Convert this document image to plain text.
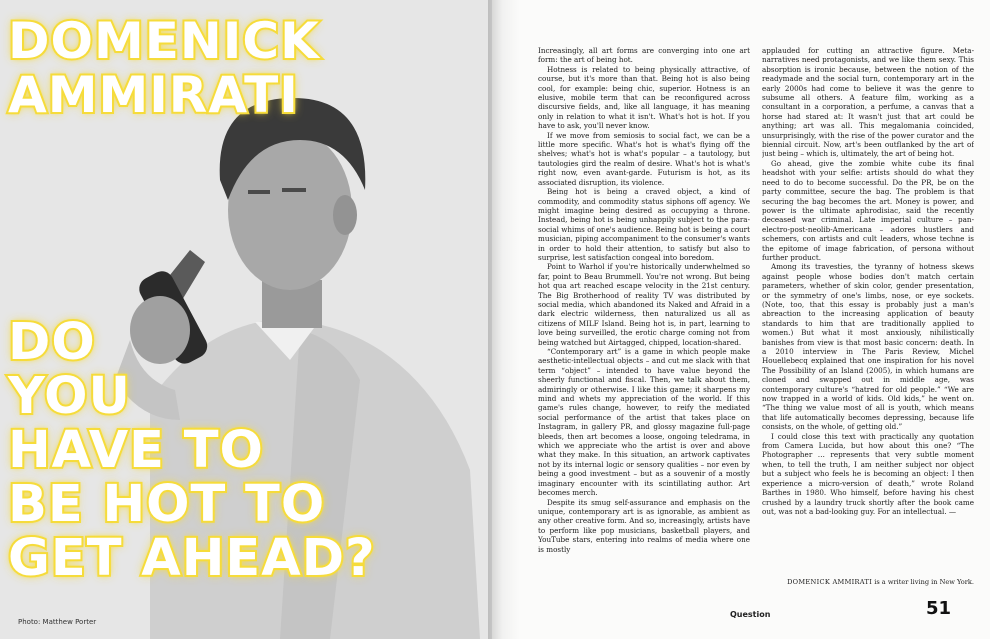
DOMENICK
AMMIRATI
DO
YOU
HAVE TO
BE HOT TO
GET AHEAD?
Photo: Matthew Porter

Increasingly, all art forms are converging into one art form: the art of being hot.

Hotness is related to being physically attractive, of course, but it's more than that. Being hot is also being cool, for example: being chic, superior. Hotness is an elusive, mobile term that can be reconfigured across discursive fields, and, like all language, it has meaning only in relation to what it isn't. What's hot is hot. If you have to ask, you'll never know.

If we move from semiosis to social fact, we can be a little more specific. What's hot is what's flying off the shelves; what's hot is what's popular – a tautology, but tautologies gird the realm of desire. What's hot is what's right now, even avant-garde. Futurism is hot, as its associated disruption, its violence.

Being hot is being a craved object, a kind of commodity, and commodity status siphons off agency. We might imagine being desired as occupying a throne. Instead, being hot is being unhappily subject to the para-social whims of one's audience. Being hot is being a court musician, piping accompaniment to the consumer's wants in order to hold their attention, to satisfy but also to surprise, lest satisfaction congeal into boredom.

Point to Warhol if you're historically underwhelmed so far, point to Beau Brummell. You're not wrong. But being hot qua art reached escape velocity in the 21st century. The Big Brotherhood of reality TV was distributed by social media, which abandoned its Naked and Afraid in a dark electric wilderness, then naturalized us all as citizens of MILF Island. Being hot is, in part, learning to love being surveilled, the erotic charge coming not from being watched but Airtagged, chipped, location-shared.

“Contemporary art” is a game in which people make aesthetic-intellectual objects – and cut me slack with that term “object” – intended to have value beyond the sheerly functional and fiscal. Then, we talk about them, admiringly or otherwise. I like this game; it sharpens my mind and whets my appreciation of the world. If this game's rules change, however, to reify the mediated social performance of the artist that takes place on Instagram, in gallery PR, and glossy magazine full-page bleeds, then art becomes a loose, ongoing teledrama, in which we appreciate who the artist is over and above what they make. In this situation, an artwork captivates not by its internal logic or sensory qualities – nor even by being a good investment – but as a souvenir of a mostly imaginary encounter with its scintillating author. Art becomes merch.

Despite its smug self-assurance and emphasis on the unique, contemporary art is as ignorable, as ambient as any other creative form. And so, increasingly, artists have to perform like pop musicians, basketball players, and YouTube stars, entering into realms of media where one is mostly

applauded for cutting an attractive figure. Meta-narratives need protagonists, and we like them sexy. This absorption is ironic because, between the notion of the readymade and the social turn, contemporary art in the early 2000s had come to believe it was the genre to subsume all others. A feature film, working as a consultant in a corporation, a perfume, a canvas that a horse had stared at: It wasn't just that art could be anything; art was all. This megalomania coincided, unsurprisingly, with the rise of the power curator and the biennial circuit. Now, art's been outflanked by the art of just being – which is, ultimately, the art of being hot.

Go ahead, give the zombie white cube its final headshot with your selfie: artists should do what they need to do to become successful. Do the PR, be on the party committee, secure the bag. The problem is that securing the bag becomes the art. Money is power, and power is the ultimate aphrodisiac, said the recently deceased war criminal. Late imperial culture – pan-electro-post-neolib-Americana – adores hustlers and schemers, con artists and cult leaders, whose techne is the epitome of image fabrication, of persona without further product.

Among its travesties, the tyranny of hotness skews against people whose bodies don't match certain parameters, whether of skin color, gender presentation, or the symmetry of one's limbs, nose, or eye sockets. (Note, too, that this essay is probably just a man's abreaction to the increasing application of beauty standards to him that are traditionally applied to women.) But what it most anxiously, nihilistically banishes from view is that most basic concern: death. In a 2010 interview in The Paris Review, Michel Houellebecq explained that one inspiration for his novel The Possibility of an Island (2005), in which humans are cloned and swapped out in middle age, was contemporary culture's “hatred for old people.” “We are now trapped in a world of kids. Old kids,” he went on. “The thing we value most of all is youth, which means that life automatically becomes depressing, because life consists, on the whole, of getting old.”

I could close this text with practically any quotation from Camera Lucida, but how about this one? “The Photographer … represents that very subtle moment when, to tell the truth, I am neither subject nor object but a subject who feels he is becoming an object: I then experience a micro-version of death,” wrote Roland Barthes in 1980. Who himself, before having his chest crushed by a laundry truck shortly after the book came out, was not a bad-looking guy. For an intellectual. —

DOMENICK AMMIRATI is a writer living in New York.
Question	51
